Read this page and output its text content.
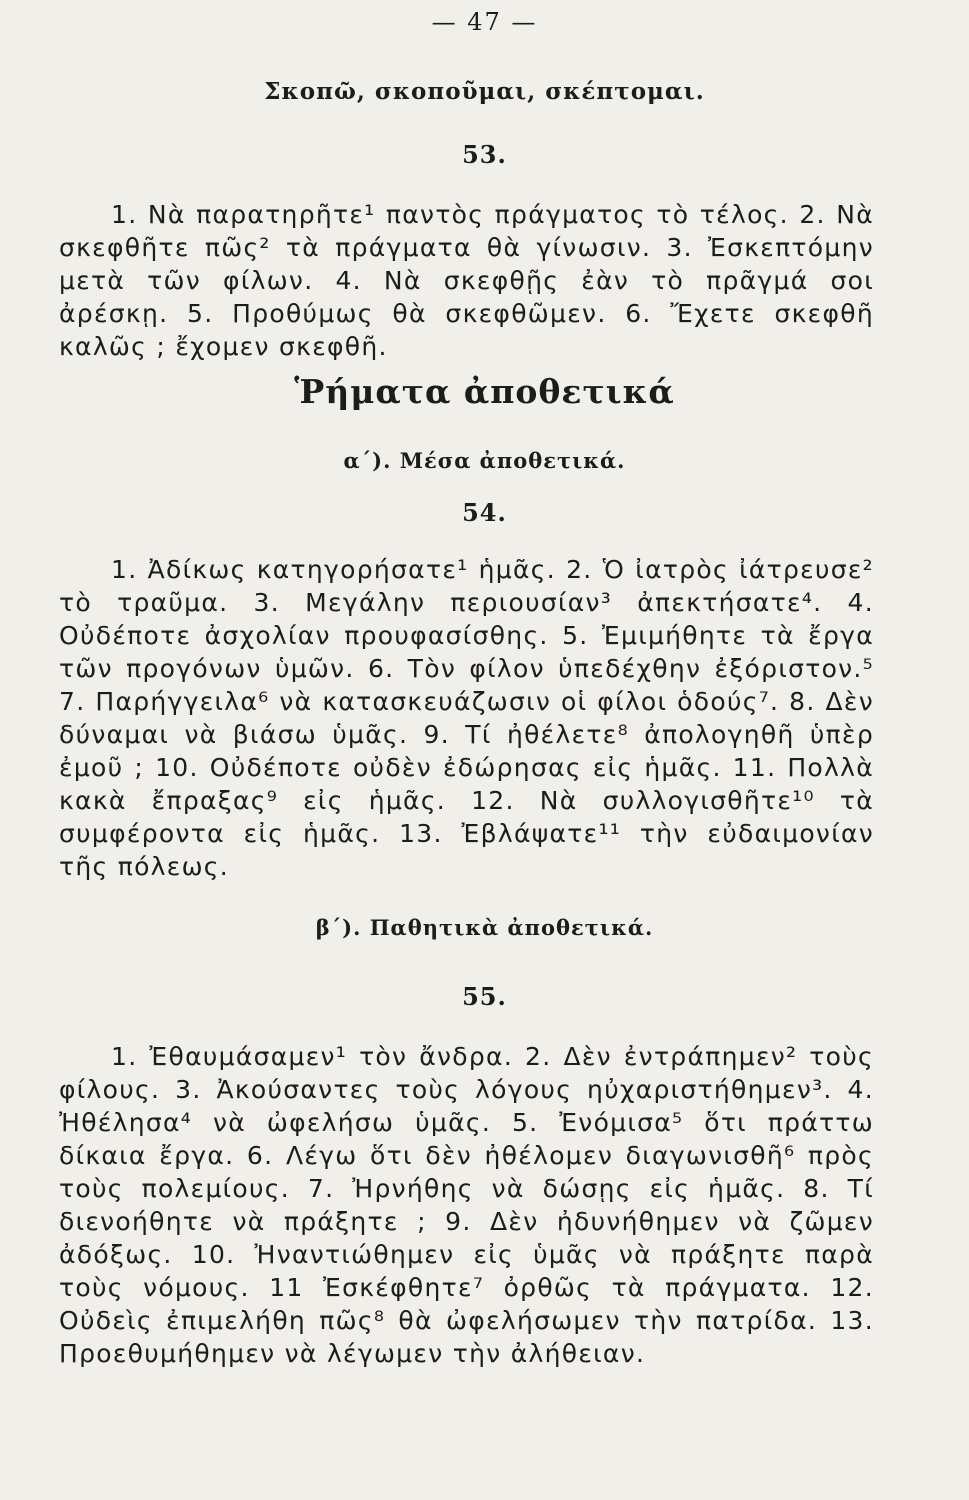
— 47 —
Σκοπῶ, σκοποῦμαι, σκέπτομαι.
53.

1. Νὰ παρατηρῆτε¹ παντὸς πράγματος τὸ τέλος. 2. Νὰ σκεφθῆτε πῶς² τὰ πράγματα θὰ γίνωσιν. 3. Ἐσκεπτόμην μετὰ τῶν φίλων. 4. Νὰ σκεφθῇς ἐὰν τὸ πρᾶγμά σοι ἀρέσκῃ. 5. Προθύμως θὰ σκεφθῶμεν. 6. Ἔχετε σκεφθῆ καλῶς ; ἔχομεν σκεφθῆ.

Ῥήματα ἀποθετικά
α΄). Μέσα ἀποθετικά.
54.

1. Ἀδίκως κατηγορήσατε¹ ἡμᾶς. 2. Ὁ ἰατρὸς ἰάτρευσε² τὸ τραῦμα. 3. Μεγάλην περιουσίαν³ ἀπεκτήσατε⁴. 4. Οὐδέποτε ἀσχολίαν προυφασίσθης. 5. Ἐμιμήθητε τὰ ἔργα τῶν προγόνων ὑμῶν. 6. Τὸν φίλον ὑπεδέχθην ἐξόριστον.⁵ 7. Παρήγγειλα⁶ νὰ κατασκευάζωσιν οἱ φίλοι ὁδούς⁷. 8. Δὲν δύναμαι νὰ βιάσω ὑμᾶς. 9. Τί ἠθέλετε⁸ ἀπολογηθῆ ὑπὲρ ἐμοῦ ; 10. Οὐδέποτε οὐδὲν ἐδώρησας εἰς ἡμᾶς. 11. Πολλὰ κακὰ ἔπραξας⁹ εἰς ἡμᾶς. 12. Νὰ συλλογισθῆτε¹⁰ τὰ συμφέροντα εἰς ἡμᾶς. 13. Ἐβλάψατε¹¹ τὴν εὐδαιμονίαν τῆς πόλεως.

β΄). Παθητικὰ ἀποθετικά.
55.

1. Ἐθαυμάσαμεν¹ τὸν ἄνδρα. 2. Δὲν ἐντράπημεν² τοὺς φίλους. 3. Ἀκούσαντες τοὺς λόγους ηὐχαριστήθημεν³. 4. Ἠθέλησα⁴ νὰ ὠφελήσω ὑμᾶς. 5. Ἐνόμισα⁵ ὅτι πράττω δίκαια ἔργα. 6. Λέγω ὅτι δὲν ἠθέλομεν διαγωνισθῆ⁶ πρὸς τοὺς πολεμίους. 7. Ἠρνήθης νὰ δώσῃς εἰς ἡμᾶς. 8. Τί διενοήθητε νὰ πράξητε ; 9. Δὲν ἠδυνήθημεν νὰ ζῶμεν ἀδόξως. 10. Ἠναντιώθημεν εἰς ὑμᾶς νὰ πράξητε παρὰ τοὺς νόμους. 11 Ἐσκέφθητε⁷ ὀρθῶς τὰ πράγματα. 12. Οὐδεὶς ἐπιμελήθη πῶς⁸ θὰ ὠφελήσωμεν τὴν πατρίδα. 13. Προεθυμήθημεν νὰ λέγωμεν τὴν ἀλήθειαν.
